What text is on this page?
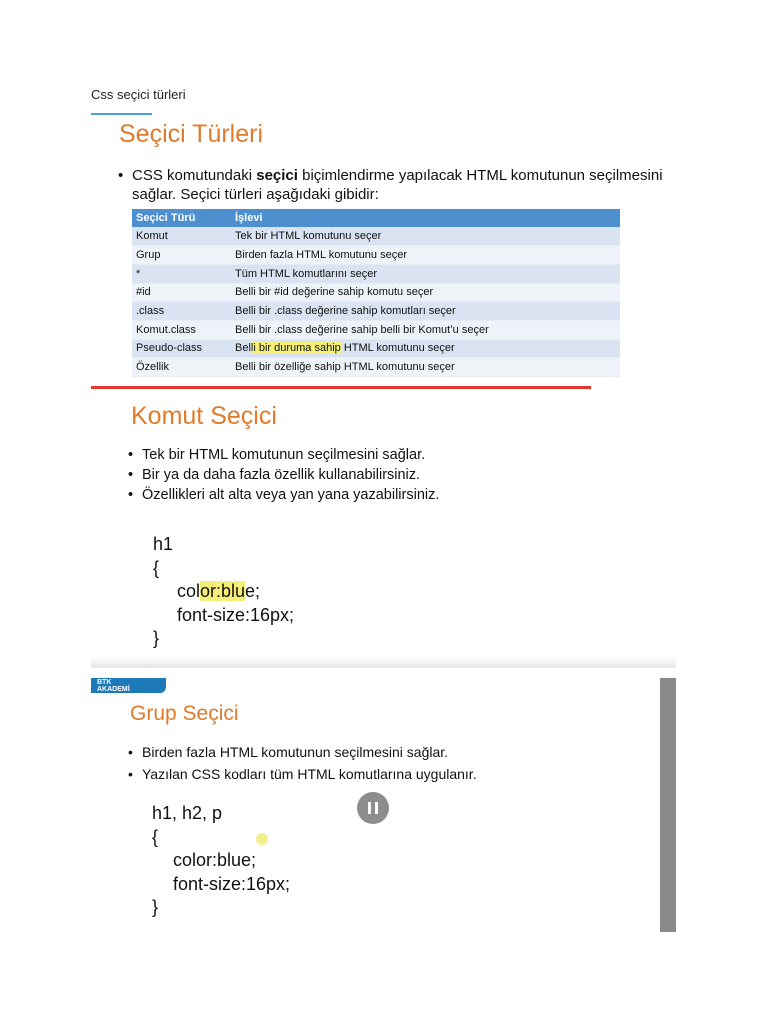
Css seçici türleri
Seçici Türleri
• CSS komutundaki seçici biçimlendirme yapılacak HTML komutunun seçilmesini sağlar. Seçici türleri aşağıdaki gibidir:
Seçici Türü	İşlevi
Komut	Tek bir HTML komutunu seçer
Grup	Birden fazla HTML komutunu seçer
*	Tüm HTML komutlarını seçer
#id	Belli bir #id değerine sahip komutu seçer
.class	Belli bir .class değerine sahip komutları seçer
Komut.class	Belli bir .class değerine sahip belli bir Komut’u seçer
Pseudo-class	Belli bir duruma sahip HTML komutunu seçer
Özellik	Belli bir özelliğe sahip HTML komutunu seçer
Komut Seçici
• Tek bir HTML komutunun seçilmesini sağlar.
• Bir ya da daha fazla özellik kullanabilirsiniz.
• Özellikleri alt alta veya yan yana yazabilirsiniz.
h1
{
color:blue;
font-size:16px;
}
BTK
AKADEMİ
Grup Seçici
• Birden fazla HTML komutunun seçilmesini sağlar.
• Yazılan CSS kodları tüm HTML komutlarına uygulanır.
h1, h2, p
{
color:blue;
font-size:16px;
}
